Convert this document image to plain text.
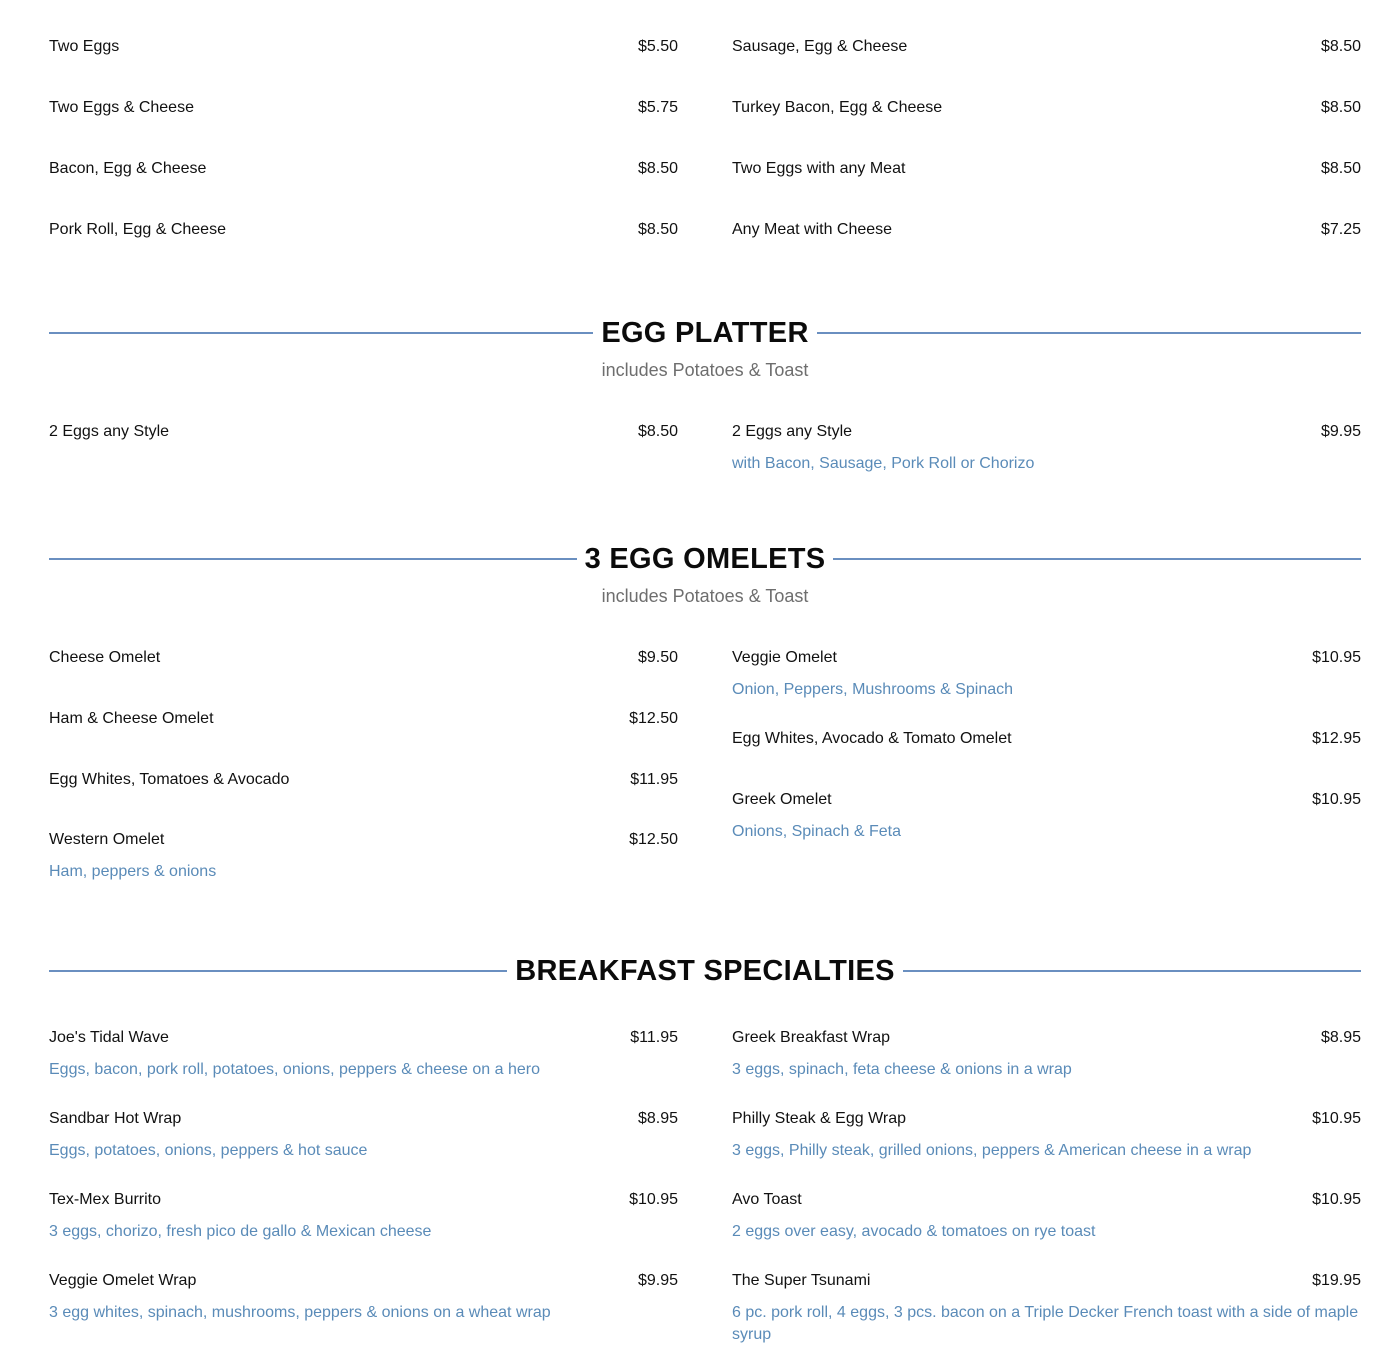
Two Eggs	$5.50
Two Eggs & Cheese	$5.75
Bacon, Egg & Cheese	$8.50
Pork Roll, Egg & Cheese	$8.50
Sausage, Egg & Cheese	$8.50
Turkey Bacon, Egg & Cheese	$8.50
Two Eggs with any Meat	$8.50
Any Meat with Cheese	$7.25
EGG PLATTER
includes Potatoes & Toast
2 Eggs any Style	$8.50	2 Eggs any Style	$9.95
with Bacon, Sausage, Pork Roll or Chorizo
3 EGG OMELETS
includes Potatoes & Toast
Cheese Omelet	$9.50
Ham & Cheese Omelet	$12.50
Egg Whites, Tomatoes & Avocado	$11.95
Western Omelet	$12.50
Ham, peppers & onions
Veggie Omelet	$10.95
Onion, Peppers, Mushrooms & Spinach
Egg Whites, Avocado & Tomato Omelet	$12.95
Greek Omelet	$10.95
Onions, Spinach & Feta
BREAKFAST SPECIALTIES
Joe's Tidal Wave	$11.95
Eggs, bacon, pork roll, potatoes, onions, peppers & cheese on a hero
Sandbar Hot Wrap	$8.95
Eggs, potatoes, onions, peppers & hot sauce
Tex-Mex Burrito	$10.95
3 eggs, chorizo, fresh pico de gallo & Mexican cheese
Veggie Omelet Wrap	$9.95
3 egg whites, spinach, mushrooms, peppers & onions on a wheat wrap
Greek Breakfast Wrap	$8.95
3 eggs, spinach, feta cheese & onions in a wrap
Philly Steak & Egg Wrap	$10.95
3 eggs, Philly steak, grilled onions, peppers & American cheese in a wrap
Avo Toast	$10.95
2 eggs over easy, avocado & tomatoes on rye toast
The Super Tsunami	$19.95
6 pc. pork roll, 4 eggs, 3 pcs. bacon on a Triple Decker French toast with a side of maple syrup
